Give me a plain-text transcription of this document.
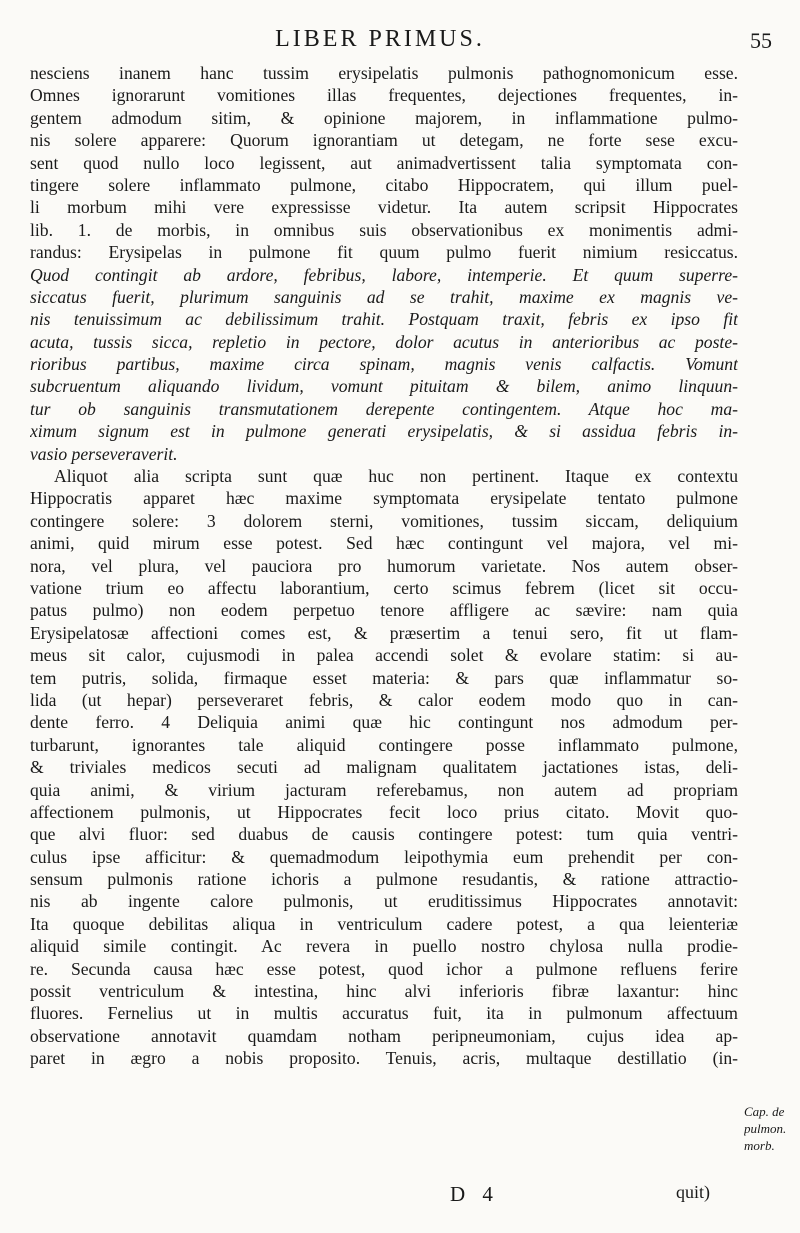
LIBER PRIMUS.	55
nesciens inanem hanc tussim erysipelatis pulmonis pathognomonicum esse.
Omnes ignorarunt vomitiones illas frequentes, dejectiones frequentes, in-
gentem admodum sitim, & opinione majorem, in inflammatione pulmo-
nis solere apparere: Quorum ignorantiam ut detegam, ne forte sese excu-
sent quod nullo loco legissent, aut animadvertissent talia symptomata con-
tingere solere inflammato pulmone, citabo Hippocratem, qui illum puel-
li morbum mihi vere expressisse videtur. Ita autem scripsit Hippocrates
lib. 1. de morbis, in omnibus suis observationibus ex monimentis admi-
randus: Erysipelas in pulmone fit quum pulmo fuerit nimium resiccatus.
Quod contingit ab ardore, febribus, labore, intemperie. Et quum superre-
siccatus fuerit, plurimum sanguinis ad se trahit, maxime ex magnis ve-
nis tenuissimum ac debilissimum trahit. Postquam traxit, febris ex ipso fit
acuta, tussis sicca, repletio in pectore, dolor acutus in anterioribus ac poste-
rioribus partibus, maxime circa spinam, magnis venis calfactis. Vomunt
subcruentum aliquando lividum, vomunt pituitam & bilem, animo linquun-
tur ob sanguinis transmutationem derepente contingentem. Atque hoc ma-
ximum signum est in pulmone generati erysipelatis, & si assidua febris in-
vasio perseveraverit.
Aliquot alia scripta sunt quæ huc non pertinent. Itaque ex contextu
Hippocratis apparet hæc maxime symptomata erysipelate tentato pulmone
contingere solere: 3 dolorem sterni, vomitiones, tussim siccam, deliquium
animi, quid mirum esse potest. Sed hæc contingunt vel majora, vel mi-
nora, vel plura, vel pauciora pro humorum varietate. Nos autem obser-
vatione trium eo affectu laborantium, certo scimus febrem (licet sit occu-
patus pulmo) non eodem perpetuo tenore affligere ac sævire: nam quia
Erysipelatosæ affectioni comes est, & præsertim a tenui sero, fit ut flam-
meus sit calor, cujusmodi in palea accendi solet & evolare statim: si au-
tem putris, solida, firmaque esset materia: & pars quæ inflammatur so-
lida (ut hepar) perseveraret febris, & calor eodem modo quo in can-
dente ferro. 4 Deliquia animi quæ hic contingunt nos admodum per-
turbarunt, ignorantes tale aliquid contingere posse inflammato pulmone,
& triviales medicos secuti ad malignam qualitatem jactationes istas, deli-
quia animi, & virium jacturam referebamus, non autem ad propriam
affectionem pulmonis, ut Hippocrates fecit loco prius citato. Movit quo-
que alvi fluor: sed duabus de causis contingere potest: tum quia ventri-
culus ipse afficitur: & quemadmodum leipothymia eum prehendit per con-
sensum pulmonis ratione ichoris a pulmone resudantis, & ratione attractio-
nis ab ingente calore pulmonis, ut eruditissimus Hippocrates annotavit:
Ita quoque debilitas aliqua in ventriculum cadere potest, a qua leienteriæ
aliquid simile contingit. Ac revera in puello nostro chylosa nulla prodie-
re. Secunda causa hæc esse potest, quod ichor a pulmone refluens ferire
possit ventriculum & intestina, hinc alvi inferioris fibræ laxantur: hinc
fluores. Fernelius ut in multis accuratus fuit, ita in pulmonum affectuum
observatione annotavit quamdam notham peripneumoniam, cujus idea ap-
paret in ægro a nobis proposito. Tenuis, acris, multaque destillatio (in-
Cap. de
pulmon.
morb.
D 4	quit)
